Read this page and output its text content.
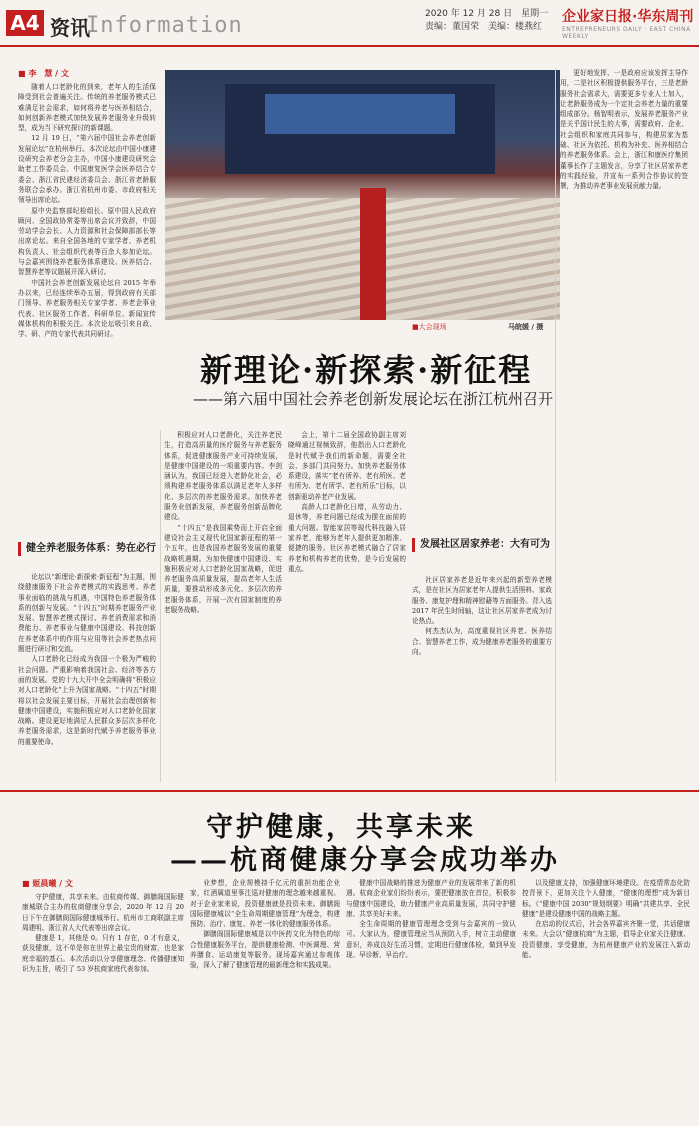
A4 资讯
Information	2020 年 12 月 28 日　星期一
责编：董国荣　美编：楼燕红
企业家日报·华东周刊
ENTREPRENEURS DAILY · EAST CHINA WEEKLY
■ 李　慧 / 文

随着人口老龄化的到来，老年人的生活保障受到社会普遍关注。传统的养老服务模式已难满足社会需求，如何将养老与医养相结合，如何创新养老模式加快发展养老服务业升级转型，成为当下研究探讨的新课题。

12 月 19 日，“第六届中国社会养老创新发展论坛”在杭州举行。本次论坛由中国小康建设研究会养老分会主办，中国小康建设研究会助老工作委员会、中国康复医学会医养结合专委会、浙江省民建经济委员会、浙江省老龄服务联合会承办。浙江省杭州市委、市政府相关领导出席论坛。

原中央监察部纪检组长、原中国人民政府顾问、全国政协常委等出席会议并致辞，中国劳动学会会长、人力资源和社会保障部部长等出席论坛。来自全国各地的专家学者、养老机构负责人、社会组织代表等百余人参加论坛。与会嘉宾围绕养老服务体系建设、医养结合、智慧养老等议题展开深入研讨。

中国社会养老创新发展论坛自 2015 年举办以来，已经连续举办五届，得到政府有关部门领导、养老服务相关专家学者、养老企事业代表、社区服务工作者、科研单位、新闻宣传媒体机构的积极关注。本次论坛吸引来自政、学、研、产的专家代表共同研讨。

■大会现场	马皖媛 / 摄
新理论·新探索·新征程
——第六届中国社会养老创新发展论坛在浙江杭州召开
健全养老服务体系：势在必行

论坛以“新理论·新探索·新征程”为主题，围绕健康服务下社会养老模式的实践思考、养老事业面临的挑战与机遇，中国特色养老服务体系的创新与发展。“十四五”时期养老服务产业发展、智慧养老模式探讨、养老消费需求和消费能力、养老事业与健康中国建设、科技创新在养老体系中的作用与应用等社会养老热点问题进行研讨和交流。

人口老龄化已经成为我国一个极为严峻的社会问题。严重影响着我国社会、经济等各方面的发展。党的十九大开中全会明确将“积极应对人口老龄化”上升为国家战略。“十四五”时期将以社会发展主要目标，开展社会治理创新和健康中国建设，实施积极应对人口老龄化国家战略。建设更好地满足人民群众多层次多样化养老服务需求，这是新时代赋予养老服务事业的重要使命。

积极应对人口老龄化，关注养老民生，打造高质量的医疗服务与养老服务体系，促进健康服务产业可持续发展，是健康中国建设的一项重要内容。李剑涵认为，我国已经进入老龄化社会，必须构建养老服务体系以满足老年人多样化、多层次的养老服务需求。加快养老服务业创新发展，养老服务创新品牌化建设。

“十四五”是我国乘势而上开启全面建设社会主义现代化国家新征程的第一个五年，也是我国养老服务发展的重要战略机遇期。为加快健康中国建设、实施积极应对人口老龄化国家战略，促进养老服务高质量发展，提高老年人生活质量，要推动形成多元化、多层次的养老服务体系，开展一次有国家制度的养老服务战略。

会上，第十二届全国政协副主席刘晓峰通过视频致辞，他指出人口老龄化是时代赋予我们的新命题，需要全社会、多部门共同努力。加快养老服务体系建设，落实“老有所养、老有所医、老有所为、老有所学、老有所乐”目标，以创新驱动养老产业发展。

高龄人口老龄化日增，从劳动力、退休等，养老问题已经成为摆在面前的重大问题。智能家居等现代科技融入居家养老，能够为老年人提供更加精准、便捷的服务。社区养老模式融合了居家养老和机构养老的优势，是今后发展的重点。

发展社区居家养老：大有可为

社区居家养老是近年来兴起的新型养老模式，是在社区为居家老年人提供生活照料、家政服务、康复护理和精神慰藉等方面服务。背入选 2017 年民生时间轴，这让社区居家养老成为讨论热点。

何杰杰认为，高度重视社区养老、医养结合、智慧养老工作，成为健康养老服务的重要方向。

更好地发挥、一是政府应该发挥主导作用，二是社区积极提供服务平台，三是老龄服务社会需求大，需要更多专业人士加入，让老龄服务成为一个定社会养老力量的重要组成部分。杨智明表示，发展养老服务产业是关乎国计民生的大事，需要政府、企业、社会组织和家庭共同参与，构建居家为基础、社区为依托、机构为补充、医养相结合的养老服务体系。会上，浙江和康医疗集团董事长作了主题发言，分享了社区居家养老的实践经验，并宣布一系列合作协议的签署，为推动养老事业发展贡献力量。

守护健康，共享未来
——杭商健康分享会成功举办
■ 姬晨曦 / 文

守护健康，共享未来。由杭商传媒、御膳阁国际健康城联合主办的杭商健康分享会，2020 年 12 月 20 日下午在御膳阁国际健康城举行。杭州市工商联副主席周建明、浙江省人大代表等出席会议。

健康是 1，其他是 0。只有 1 存在，0 才有意义，获及健康，这不单是你在世界上最宝贵的财富，也是家庭幸福的基石。本次活动以分享健康理念、传播健康知识为主旨，吸引了 53 岁杭商家庭代表参加。

业梦想，企业规模持千亿元的重担功能企业家，红酒属道里事注巡对健康的理念越来越重视。对于企业家来说，投资健康就是投资未来。御膳阁国际健康城以“全生命周期健康管理”为理念，构建预防、治疗、康复、养老一体化的健康服务体系。

御膳阁国际健康城是以中医药文化为特色的综合性健康服务平台，提供健康检测、中医调理、营养膳食、运动康复等服务。现场嘉宾通过参观体验，深入了解了健康管理的最新理念和实践成果。

健康中国战略的推进为健康产业的发展带来了新的机遇。杭商企业家们纷纷表示，要把健康放在首位，积极参与健康中国建设，助力健康产业高质量发展，共同守护健康、共享美好未来。

全生命周期的健康管理理念受到与会嘉宾的一致认可。大家认为，健康管理应当从预防入手，树立主动健康意识，养成良好生活习惯，定期进行健康体检，做到早发现、早诊断、早治疗。

以及健康支持，加强健康环境建设。在疫情常态化防控背景下，更加关注个人健康，“健康的理想”成为新目标。《“健康中国 2030”规划纲要》明确“共建共享、全民健康”是建设健康中国的战略主题。

在启动的仪式后，社会各界嘉宾齐聚一堂，共话健康未来。大会以“健康杭商”为主题，倡导企业家关注健康、投资健康、享受健康，为杭州健康产业的发展注入新动能。
